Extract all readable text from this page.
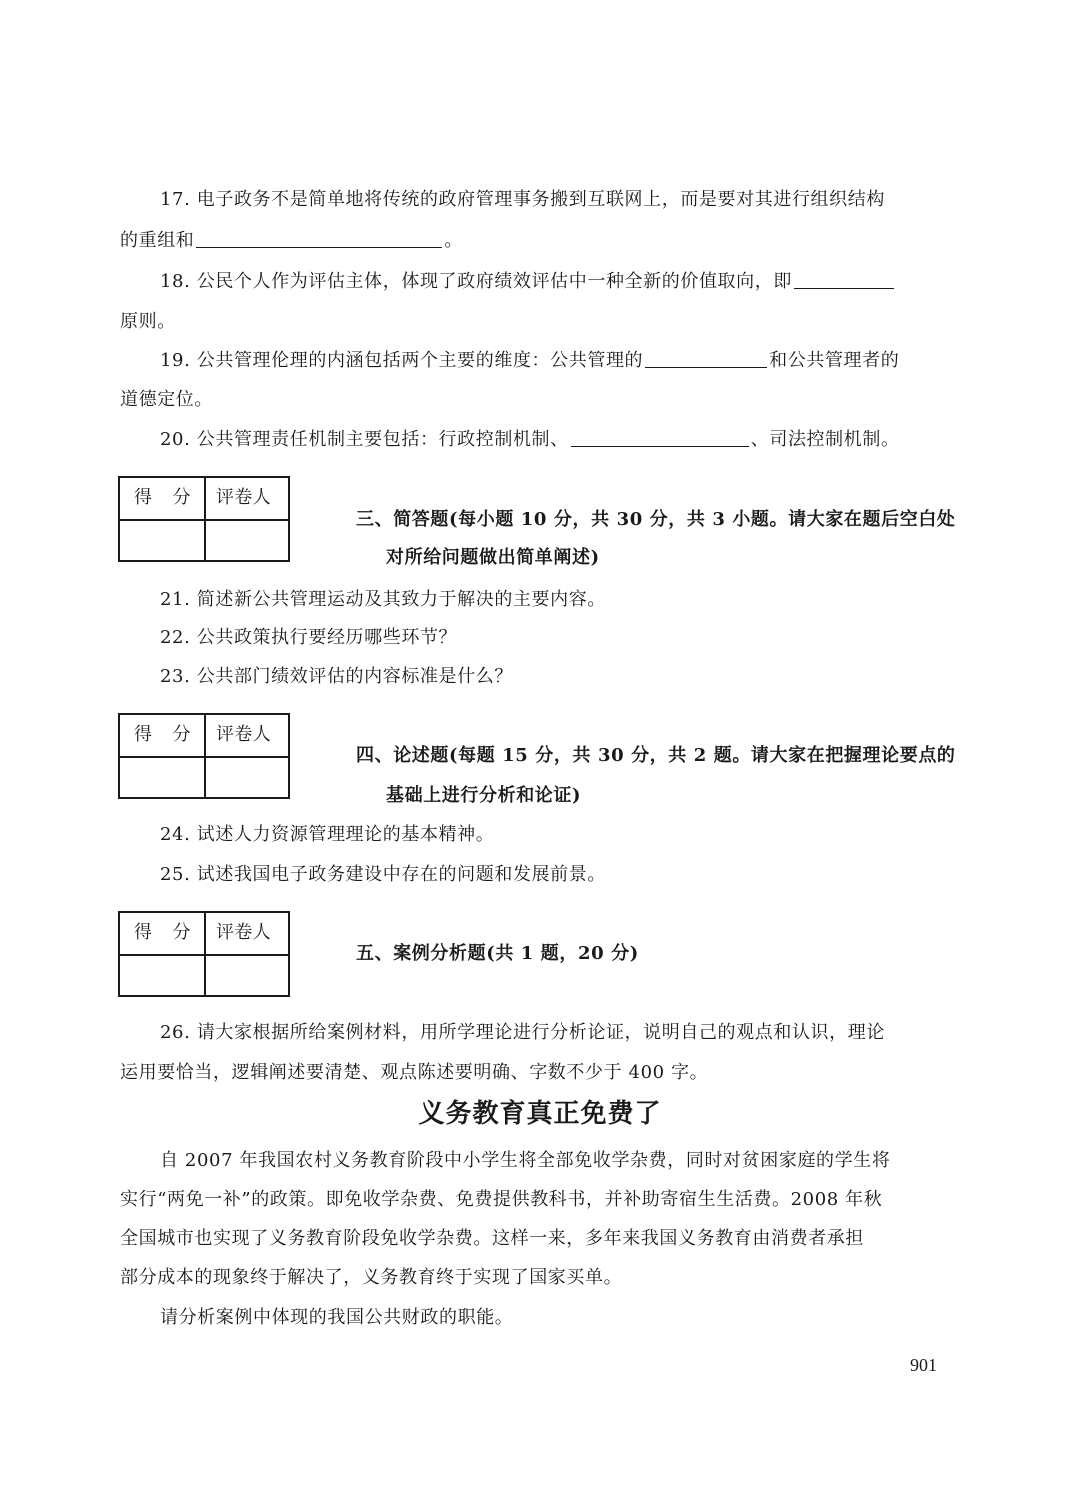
17. 电子政务不是简单地将传统的政府管理事务搬到互联网上，而是要对其进行组织结构

的重组和	。

18. 公民个人作为评估主体，体现了政府绩效评估中一种全新的价值取向，即

原则。

19. 公共管理伦理的内涵包括两个主要的维度：公共管理的	和公共管理者的

道德定位。

20. 公共管理责任机制主要包括：行政控制机制、	、司法控制机制。

得 分 评卷人

三、简答题(每小题 10 分，共 30 分，共 3 小题。请大家在题后空白处

对所给问题做出简单阐述)

21. 简述新公共管理运动及其致力于解决的主要内容。

22. 公共政策执行要经历哪些环节？

23. 公共部门绩效评估的内容标准是什么？

得 分 评卷人

四、论述题(每题 15 分，共 30 分，共 2 题。请大家在把握理论要点的

基础上进行分析和论证)

24. 试述人力资源管理理论的基本精神。

25. 试述我国电子政务建设中存在的问题和发展前景。

得 分 评卷人

五、案例分析题(共 1 题，20 分)

26. 请大家根据所给案例材料，用所学理论进行分析论证，说明自己的观点和认识，理论

运用要恰当，逻辑阐述要清楚、观点陈述要明确、字数不少于 400 字。

义务教育真正免费了

自 2007 年我国农村义务教育阶段中小学生将全部免收学杂费，同时对贫困家庭的学生将

实行“两免一补”的政策。即免收学杂费、免费提供教科书，并补助寄宿生生活费。2008 年秋

全国城市也实现了义务教育阶段免收学杂费。这样一来，多年来我国义务教育由消费者承担

部分成本的现象终于解决了，义务教育终于实现了国家买单。

请分析案例中体现的我国公共财政的职能。

901
